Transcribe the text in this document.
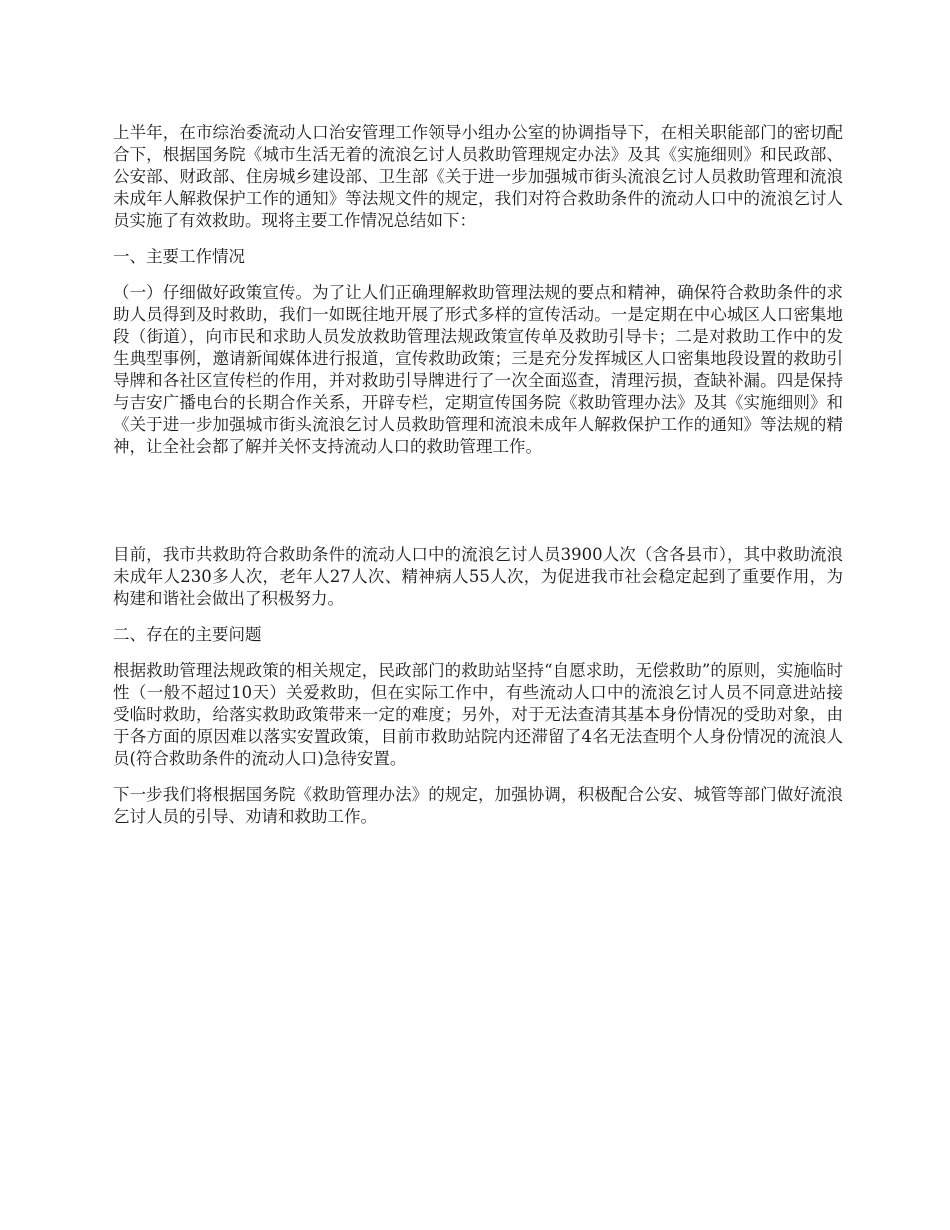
上半年，在市综治委流动人口治安管理工作领导小组办公室的协调指导下，在相关职能部门的密切配合下，根据国务院《城市生活无着的流浪乞讨人员救助管理规定办法》及其《实施细则》和民政部、公安部、财政部、住房城乡建设部、卫生部《关于进一步加强城市街头流浪乞讨人员救助管理和流浪未成年人解救保护工作的通知》等法规文件的规定，我们对符合救助条件的流动人口中的流浪乞讨人员实施了有效救助。现将主要工作情况总结如下：

一、主要工作情况

（一）仔细做好政策宣传。为了让人们正确理解救助管理法规的要点和精神，确保符合救助条件的求助人员得到及时救助，我们一如既往地开展了形式多样的宣传活动。一是定期在中心城区人口密集地段（街道），向市民和求助人员发放救助管理法规政策宣传单及救助引导卡；二是对救助工作中的发生典型事例，邀请新闻媒体进行报道，宣传救助政策；三是充分发挥城区人口密集地段设置的救助引导牌和各社区宣传栏的作用，并对救助引导牌进行了一次全面巡查，清理污损，查缺补漏。四是保持与吉安广播电台的长期合作关系，开辟专栏，定期宣传国务院《救助管理办法》及其《实施细则》和《关于进一步加强城市街头流浪乞讨人员救助管理和流浪未成年人解救保护工作的通知》等法规的精神，让全社会都了解并关怀支持流动人口的救助管理工作。

目前，我市共救助符合救助条件的流动人口中的流浪乞讨人员3900人次（含各县市），其中救助流浪未成年人230多人次，老年人27人次、精神病人55人次，为促进我市社会稳定起到了重要作用，为构建和谐社会做出了积极努力。

二、存在的主要问题

根据救助管理法规政策的相关规定，民政部门的救助站坚持“自愿求助，无偿救助”的原则，实施临时性（一般不超过10天）关爱救助，但在实际工作中，有些流动人口中的流浪乞讨人员不同意进站接受临时救助，给落实救助政策带来一定的难度；另外，对于无法查清其基本身份情况的受助对象，由于各方面的原因难以落实安置政策，目前市救助站院内还滞留了4名无法查明个人身份情况的流浪人员(符合救助条件的流动人口)急待安置。

下一步我们将根据国务院《救助管理办法》的规定，加强协调，积极配合公安、城管等部门做好流浪乞讨人员的引导、劝请和救助工作。
